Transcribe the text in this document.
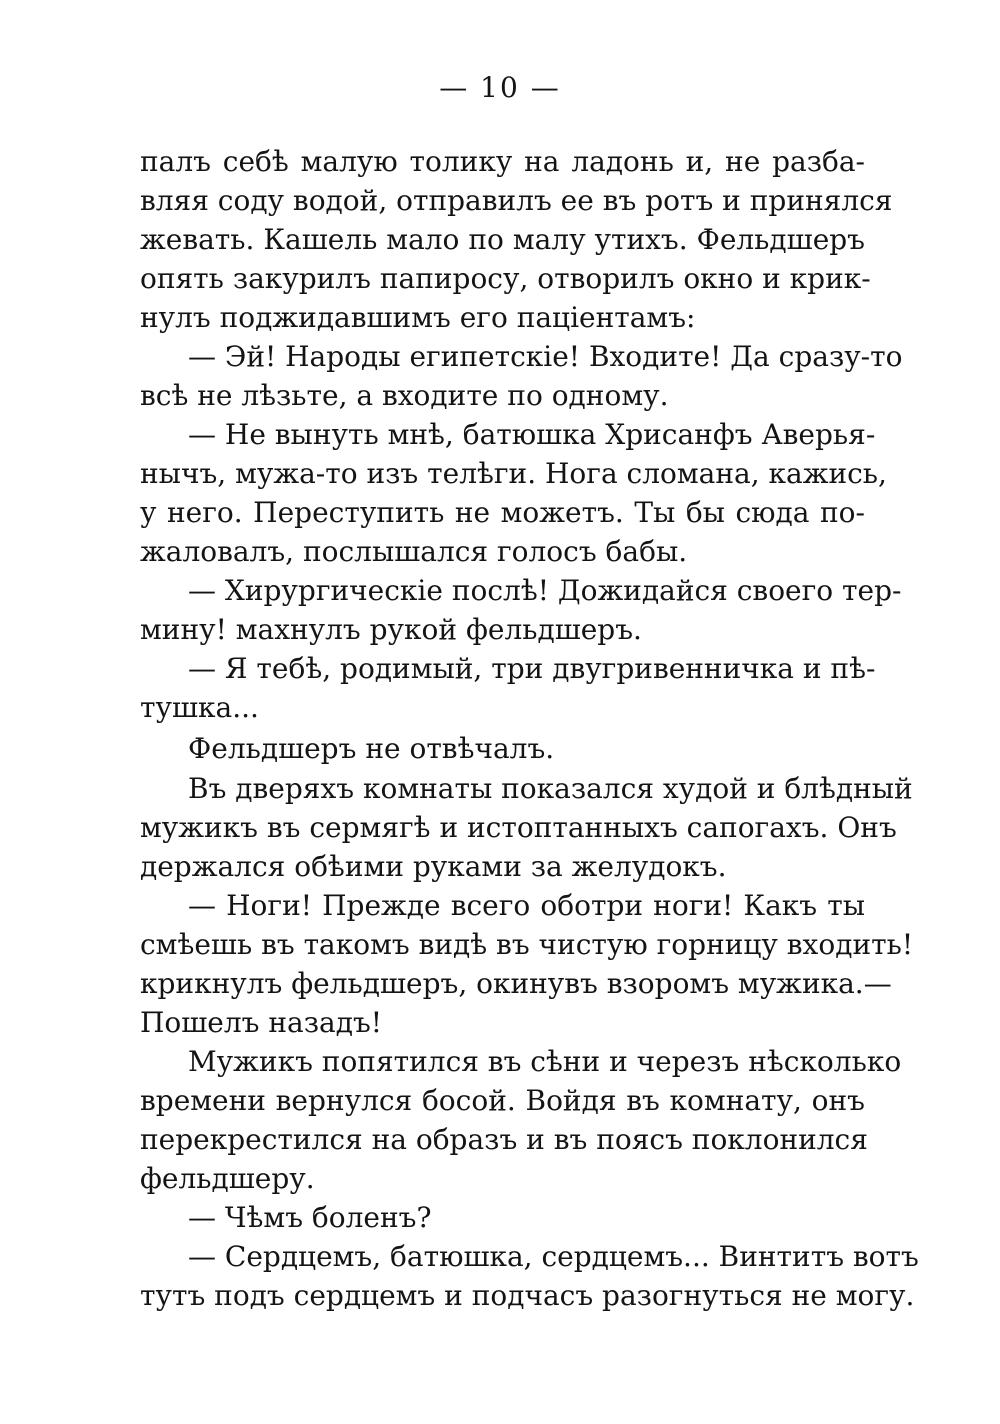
— 10 —
палъ себѣ малую толику на ладонь и, не разба-
вляя соду водой, отправилъ ее въ ротъ и принялся
жевать. Кашель мало по малу утихъ. Фельдшеръ
опять закурилъ папиросу, отворилъ окно и крик-
нулъ поджидавшимъ его паціентамъ:
— Эй! Народы египетскіе! Входите! Да сразу-то
всѣ не лѣзьте, а входите по одному.
— Не вынуть мнѣ, батюшка Хрисанфъ Аверья-
нычъ, мужа-то изъ телѣги. Нога сломана, кажись,
у него. Переступить не можетъ. Ты бы сюда по-
жаловалъ, послышался голосъ бабы.
— Хирургическіе послѣ! Дожидайся своего тер-
мину! махнулъ рукой фельдшеръ.
— Я тебѣ, родимый, три двугривенничка и пѣ-
тушка...
Фельдшеръ не отвѣчалъ.
Въ дверяхъ комнаты показался худой и блѣдный
мужикъ въ сермягѣ и истоптанныхъ сапогахъ. Онъ
держался обѣими руками за желудокъ.
— Ноги! Прежде всего оботри ноги! Какъ ты
смѣешь въ такомъ видѣ въ чистую горницу входить!
крикнулъ фельдшеръ, окинувъ взоромъ мужика.—
Пошелъ назадъ!
Мужикъ попятился въ сѣни и черезъ нѣсколько
времени вернулся босой. Войдя въ комнату, онъ
перекрестился на образъ и въ поясъ поклонился
фельдшеру.
— Чѣмъ боленъ?
— Сердцемъ, батюшка, сердцемъ... Винтитъ вотъ
тутъ подъ сердцемъ и подчасъ разогнуться не могу.
